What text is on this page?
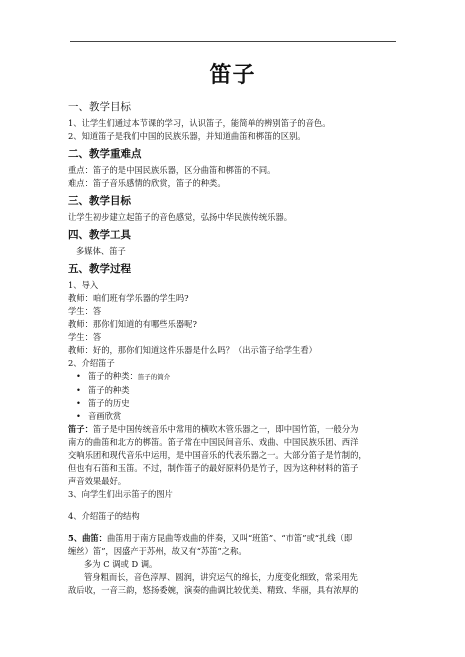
笛子
一、教学目标
1、让学生们通过本节课的学习，认识笛子，能简单的辨别笛子的音色。
2、知道笛子是我们中国的民族乐器，并知道曲笛和梆笛的区别。
二、教学重难点
重点：笛子的是中国民族乐器，区分曲笛和梆笛的不同。
难点：笛子音乐感情的欣赏，笛子的种类。
三、教学目标
让学生初步建立起笛子的音色感觉，弘扬中华民族传统乐器。
四、教学工具
多媒体、笛子
五、教学过程
1、导入
教师：咱们班有学乐器的学生吗?
学生：答
教师：那你们知道的有哪些乐器呢?
学生：答
教师：好的，那你们知道这件乐器是什么吗？（出示笛子给学生看）
2、介绍笛子
• 笛子的种类：笛子的简介
• 笛子的种类
• 笛子的历史
• 音画欣赏
笛子：笛子是中国传统音乐中常用的横吹木管乐器之一，即中国竹笛，一般分为
南方的曲笛和北方的梆笛。笛子常在中国民间音乐、戏曲、中国民族乐团、西洋
交响乐团和现代音乐中运用，是中国音乐的代表乐器之一。大部分笛子是竹制的，
但也有石笛和玉笛。不过，制作笛子的最好原料仍是竹子，因为这种材料的笛子
声音效果最好。
3、向学生们出示笛子的图片
4、介绍笛子的结构
5、曲笛：曲笛用于南方昆曲等戏曲的伴奏，又叫“班笛”、“市笛”或“扎线（即
缠丝）笛”，因盛产于苏州，故又有“苏笛”之称。
多为 C 调或 D 调。
管身粗而长，音色淳厚、圆润，讲究运气的绵长，力度变化细致，常采用先
敌后收，一音三韵，悠扬委婉，演奏的曲调比较优美、精致、华丽，具有浓厚的
